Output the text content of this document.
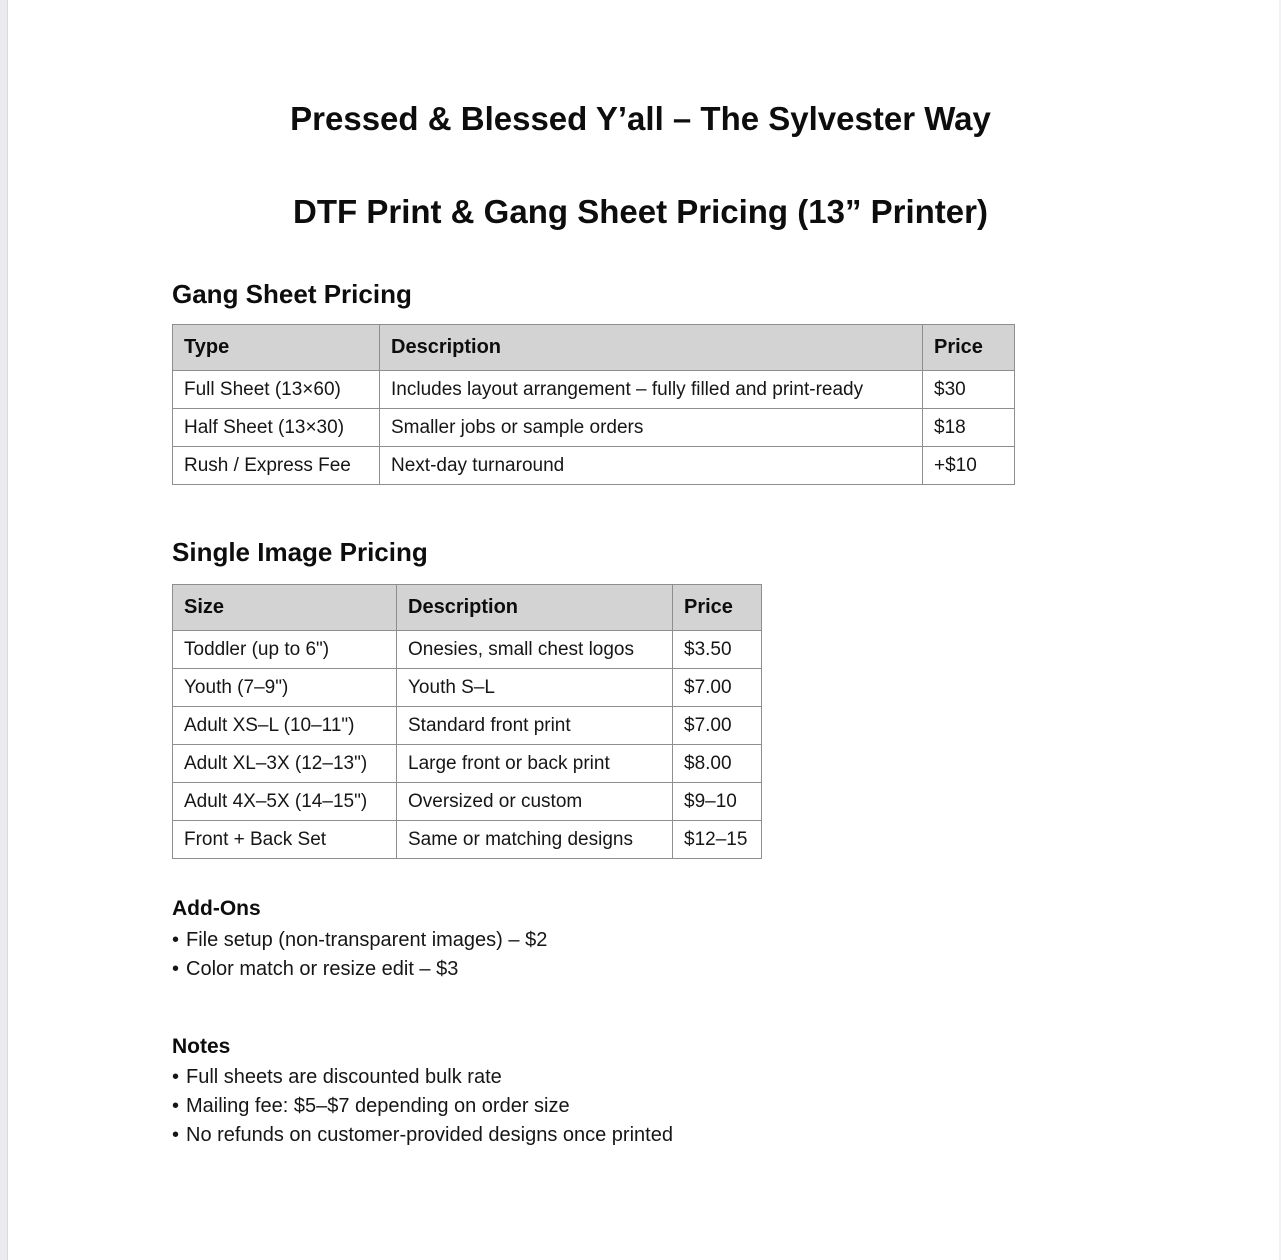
Pressed & Blessed Y’all – The Sylvester Way
DTF Print & Gang Sheet Pricing (13” Printer)
Gang Sheet Pricing
Type	Description	Price
Full Sheet (13×60)	Includes layout arrangement – fully filled and print-ready	$30
Half Sheet (13×30)	Smaller jobs or sample orders	$18
Rush / Express Fee	Next-day turnaround	+$10
Single Image Pricing
Size	Description	Price
Toddler (up to 6")	Onesies, small chest logos	$3.50
Youth (7–9")	Youth S–L	$7.00
Adult XS–L (10–11")	Standard front print	$7.00
Adult XL–3X (12–13")	Large front or back print	$8.00
Adult 4X–5X (14–15")	Oversized or custom	$9–10
Front + Back Set	Same or matching designs	$12–15
Add-Ons
• File setup (non-transparent images) – $2
• Color match or resize edit – $3
Notes
• Full sheets are discounted bulk rate
• Mailing fee: $5–$7 depending on order size
• No refunds on customer-provided designs once printed
